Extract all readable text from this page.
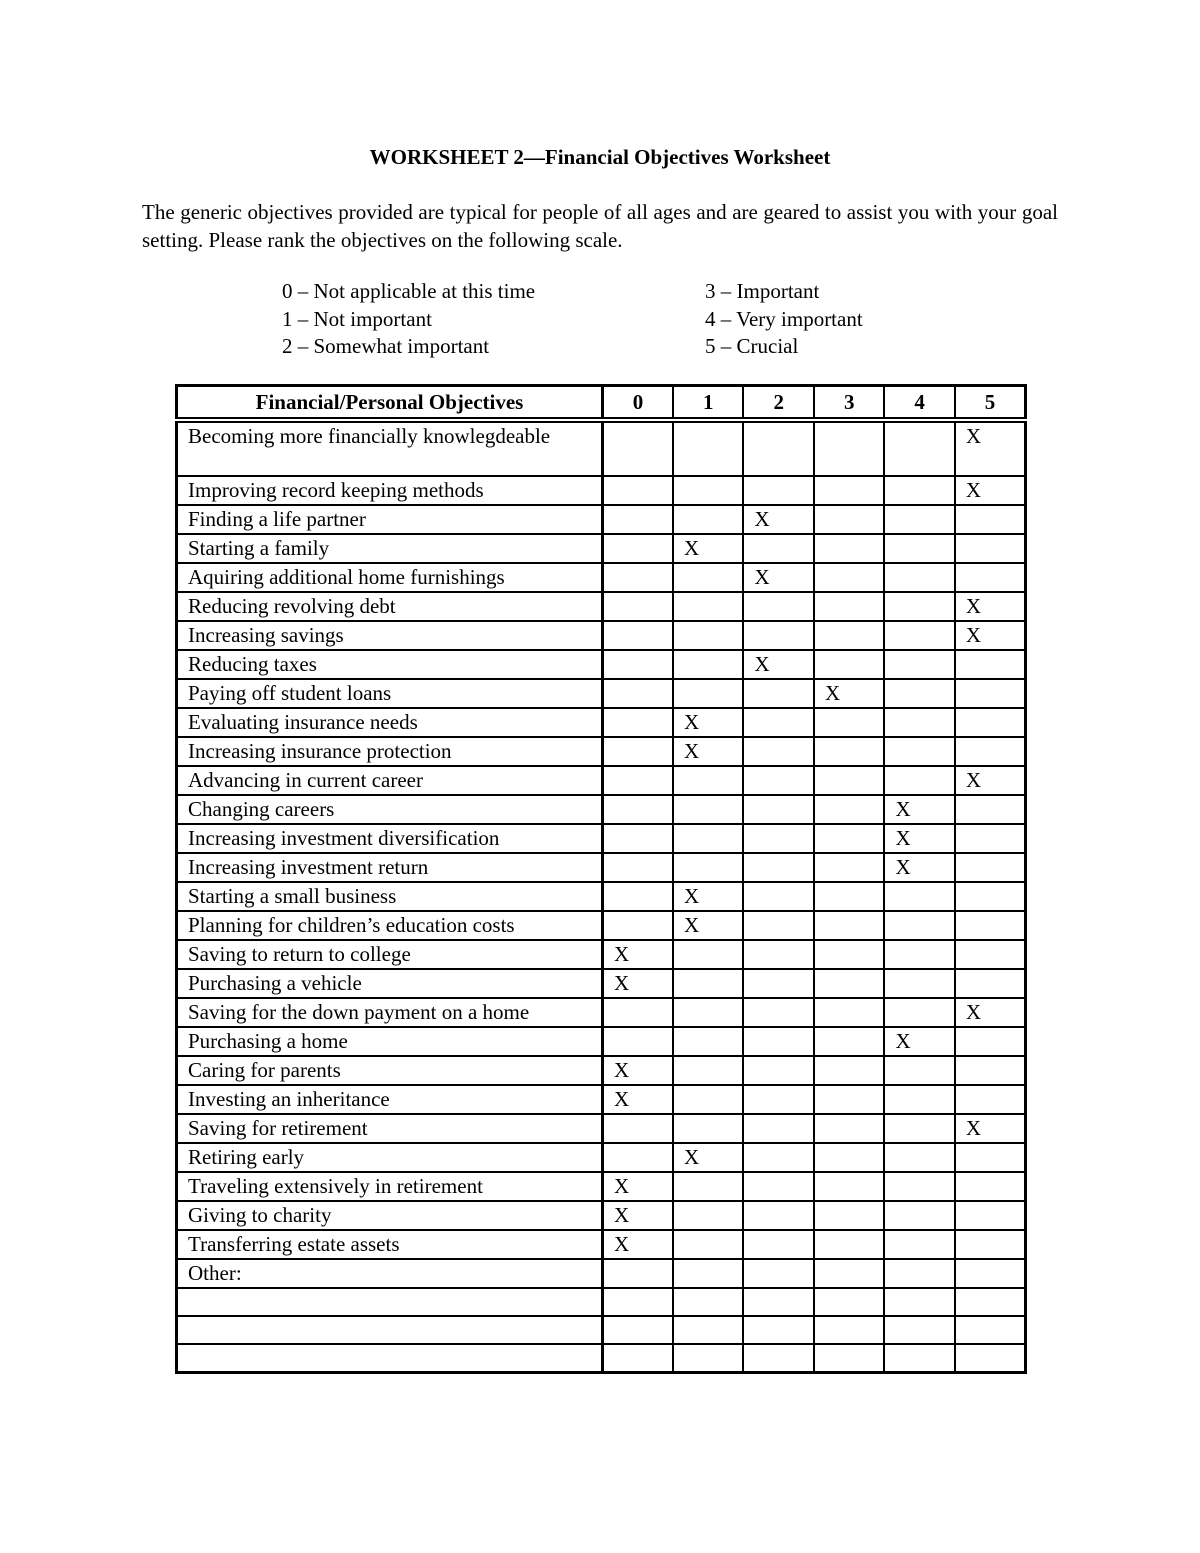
WORKSHEET 2—Financial Objectives Worksheet
The generic objectives provided are typical for people of all ages and are geared to assist you with your goal setting. Please rank the objectives on the following scale.
0 – Not applicable at this time
1 – Not important
2 – Somewhat important
3 – Important
4 – Very important
5 – Crucial
Financial/Personal Objectives	0	1	2	3	4	5
Becoming more financially knowlegdeable						X
Improving record keeping methods						X
Finding a life partner			X			
Starting a family		X				
Aquiring additional home furnishings			X			
Reducing revolving debt						X
Increasing savings						X
Reducing taxes			X			
Paying off student loans				X		
Evaluating insurance needs		X				
Increasing insurance protection		X				
Advancing in current career						X
Changing careers					X	
Increasing investment diversification					X	
Increasing investment return					X	
Starting a small business		X				
Planning for children’s education costs		X				
Saving to return to college	X					
Purchasing a vehicle	X					
Saving for the down payment on a home						X
Purchasing a home					X	
Caring for parents	X					
Investing an inheritance	X					
Saving for retirement						X
Retiring early		X				
Traveling extensively in retirement	X					
Giving to charity	X					
Transferring estate assets	X					
Other:						
